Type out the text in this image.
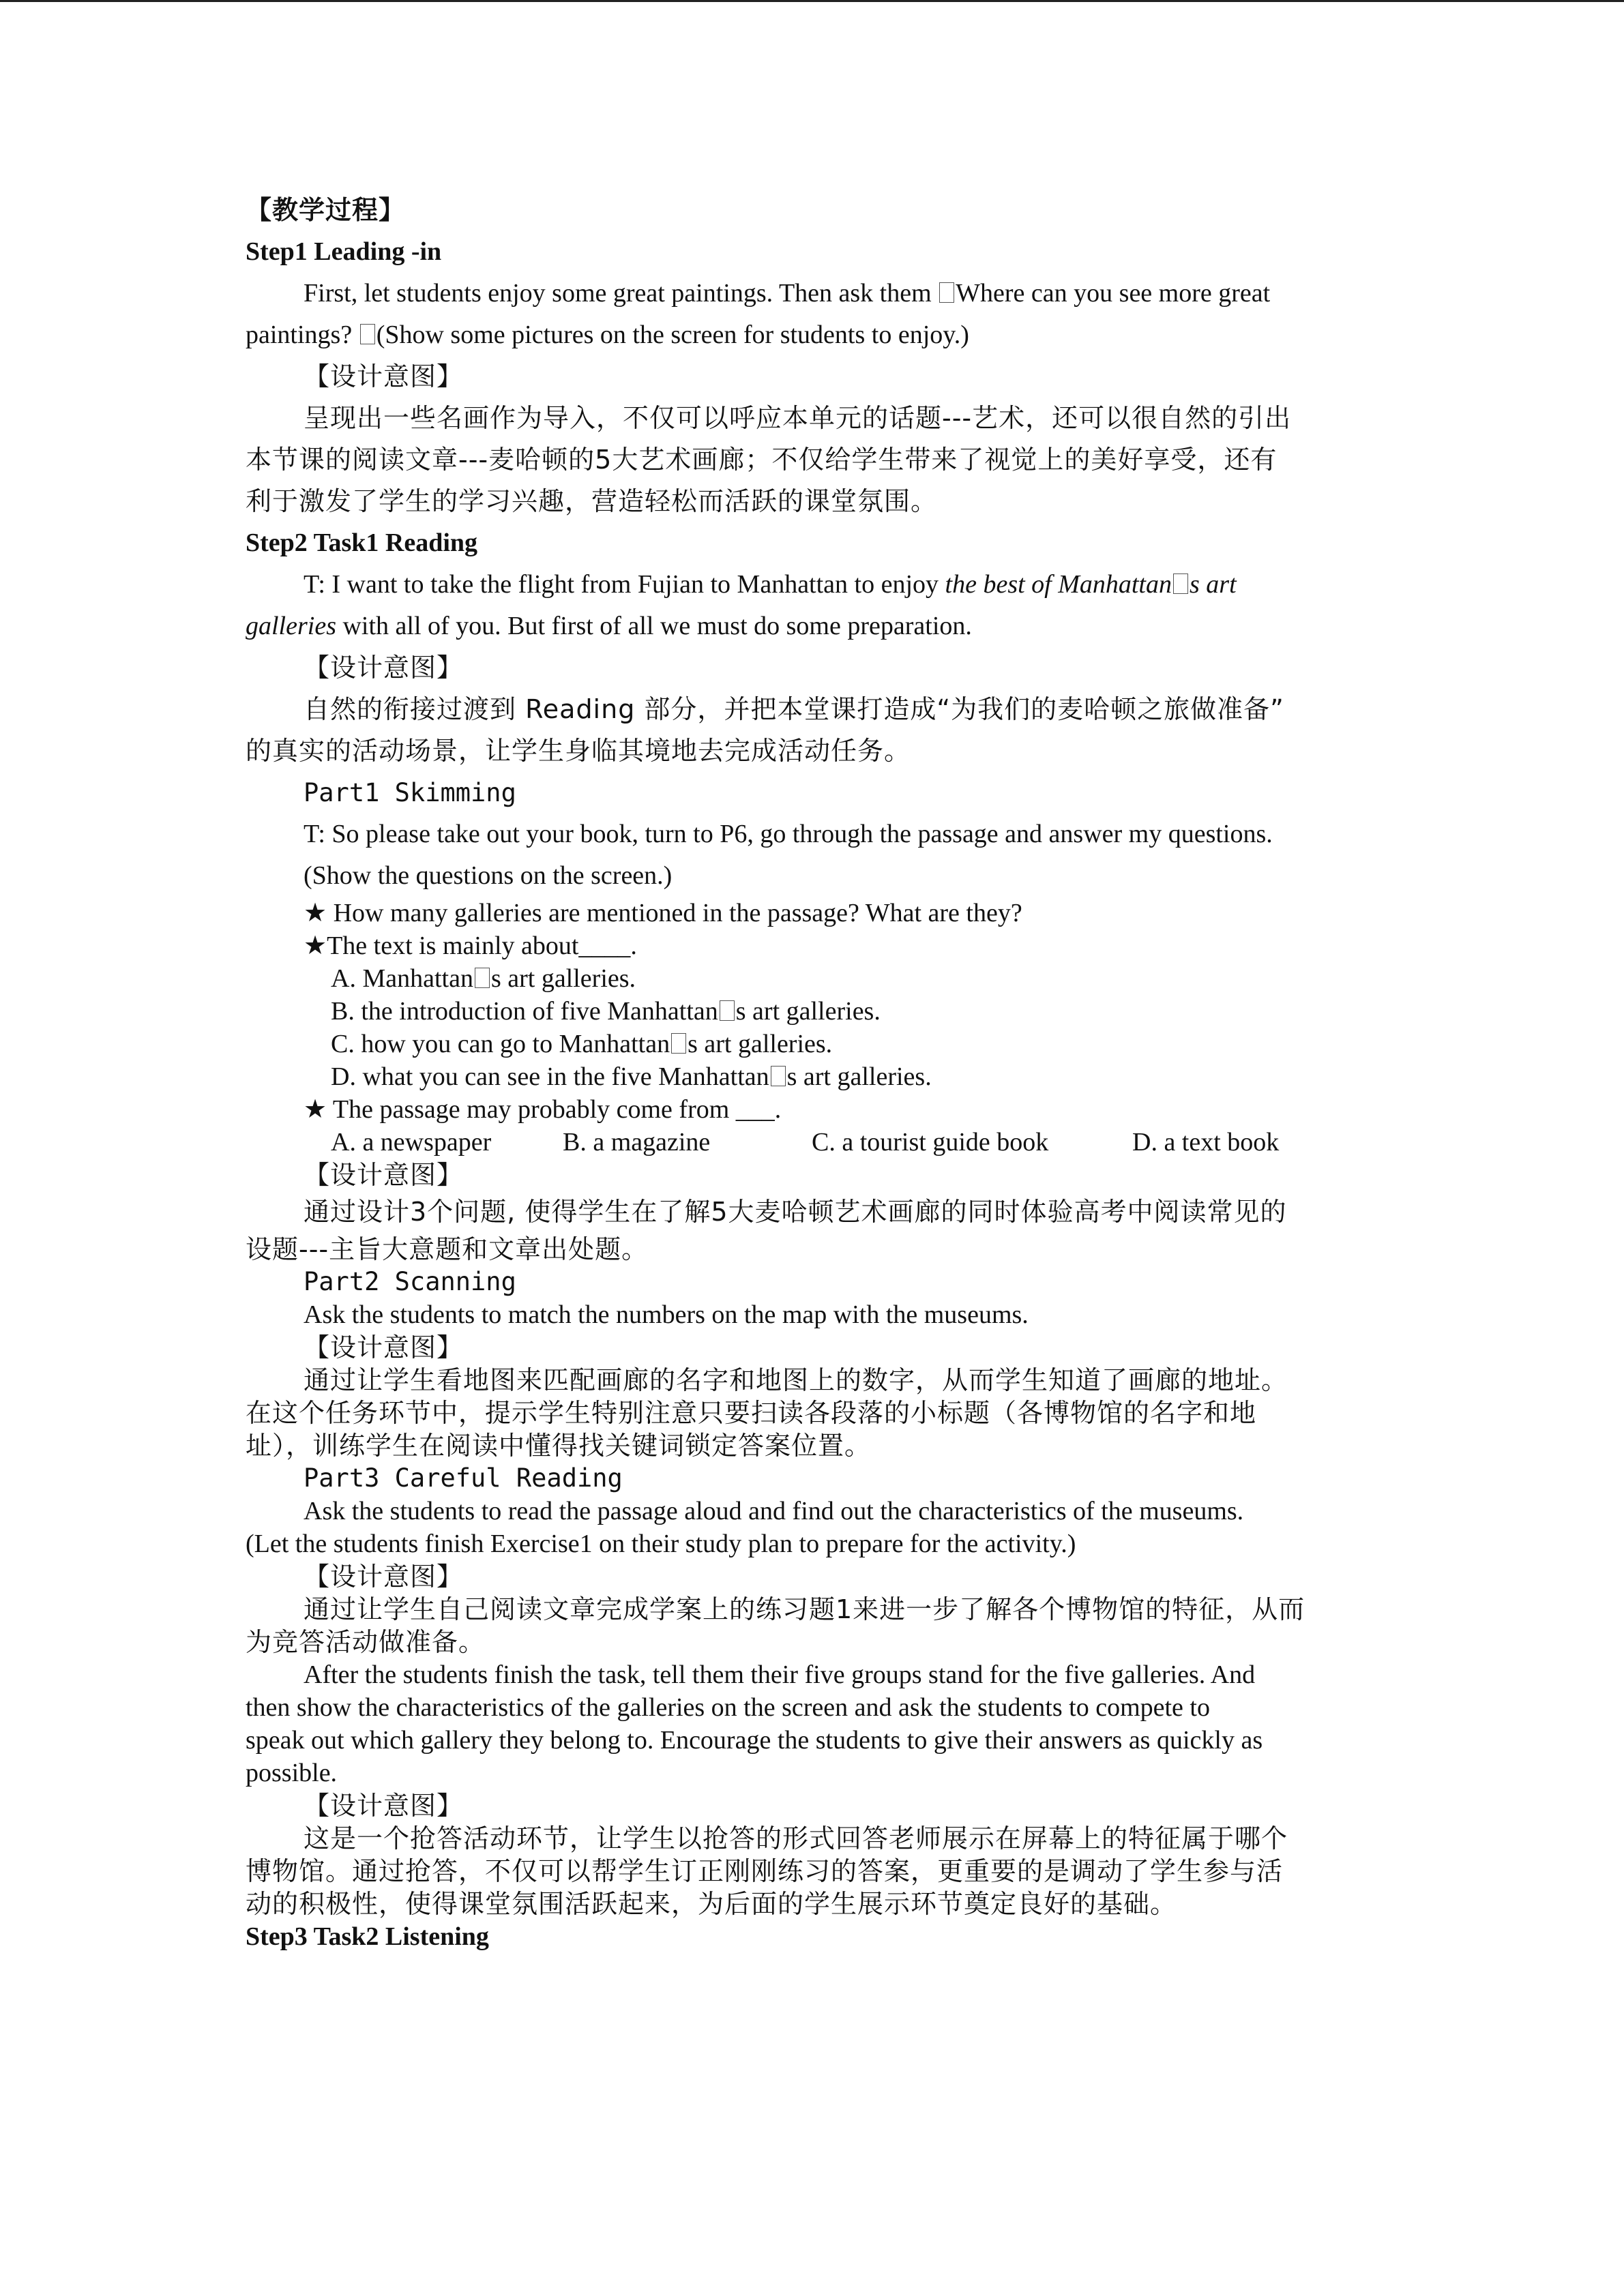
【教学过程】
Step1 Leading -in
First, let students enjoy some great paintings. Then ask them Where can you see more great
paintings? (Show some pictures on the screen for students to enjoy.)
【设计意图】
呈现出一些名画作为导入，不仅可以呼应本单元的话题---艺术，还可以很自然的引出
本节课的阅读文章---麦哈顿的5大艺术画廊；不仅给学生带来了视觉上的美好享受，还有
利于激发了学生的学习兴趣，营造轻松而活跃的课堂氛围。
Step2 Task1 Reading
T: I want to take the flight from Fujian to Manhattan to enjoy the best of Manhattan s art
galleries with all of you. But first of all we must do some preparation.
【设计意图】
自然的衔接过渡到 Reading 部分，并把本堂课打造成“为我们的麦哈顿之旅做准备”
的真实的活动场景，让学生身临其境地去完成活动任务。
Part1 Skimming
T: So please take out your book, turn to P6, go through the passage and answer my questions.
(Show the questions on the screen.)
★ How many galleries are mentioned in the passage? What are they?
★The text is mainly about____.
A. Manhattan s art galleries.
B. the introduction of five Manhattan s art galleries.
C. how you can go to Manhattan s art galleries.
D. what you can see in the five Manhattan s art galleries.
★ The passage may probably come from ___.
A. a newspaper	B. a magazine	C. a tourist guide book	D. a text book
【设计意图】
通过设计3个问题, 使得学生在了解5大麦哈顿艺术画廊的同时体验高考中阅读常见的
设题---主旨大意题和文章出处题。
Part2 Scanning
Ask the students to match the numbers on the map with the museums.
【设计意图】
通过让学生看地图来匹配画廊的名字和地图上的数字，从而学生知道了画廊的地址。
在这个任务环节中，提示学生特别注意只要扫读各段落的小标题（各博物馆的名字和地
址），训练学生在阅读中懂得找关键词锁定答案位置。
Part3 Careful Reading
Ask the students to read the passage aloud and find out the characteristics of the museums.
(Let the students finish Exercise1 on their study plan to prepare for the activity.)
【设计意图】
通过让学生自己阅读文章完成学案上的练习题1来进一步了解各个博物馆的特征，从而
为竞答活动做准备。
After the students finish the task, tell them their five groups stand for the five galleries. And
then show the characteristics of the galleries on the screen and ask the students to compete to
speak out which gallery they belong to. Encourage the students to give their answers as quickly as
possible.
【设计意图】
这是一个抢答活动环节，让学生以抢答的形式回答老师展示在屏幕上的特征属于哪个
博物馆。通过抢答，不仅可以帮学生订正刚刚练习的答案，更重要的是调动了学生参与活
动的积极性，使得课堂氛围活跃起来，为后面的学生展示环节奠定良好的基础。
Step3 Task2 Listening
